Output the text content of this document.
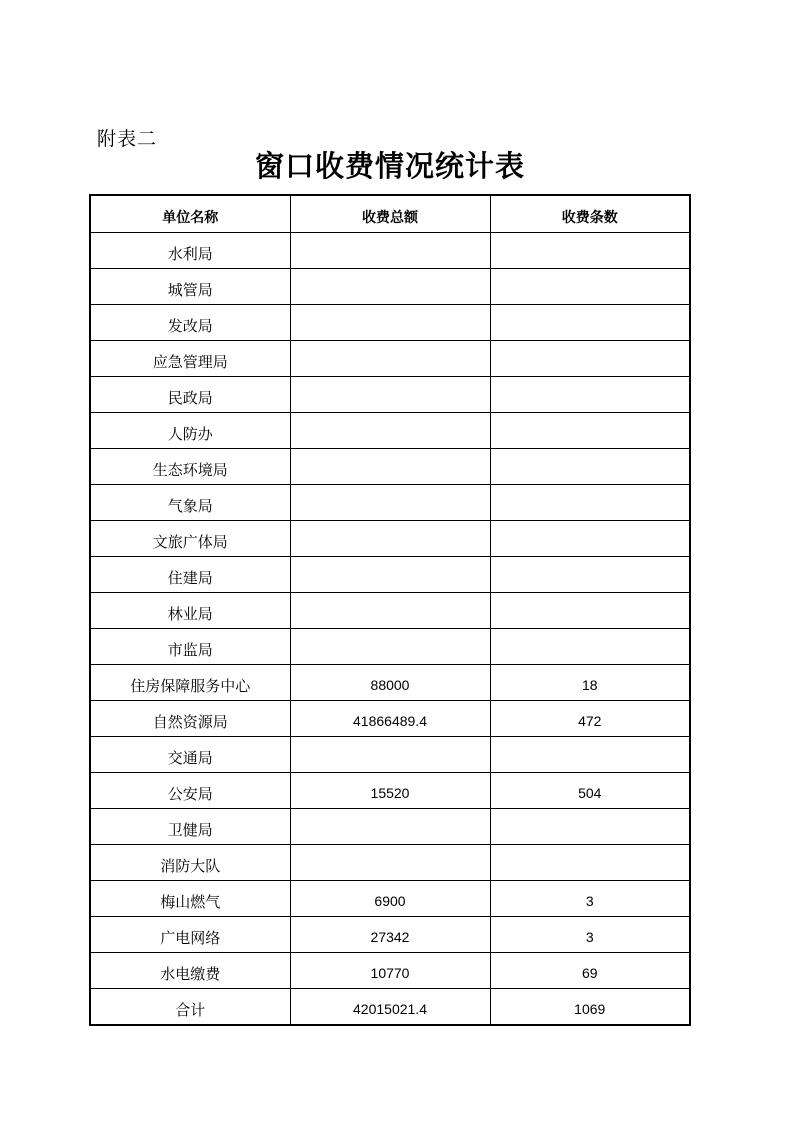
附表二
窗口收费情况统计表
单位名称	收费总额	收费条数
水利局		
城管局		
发改局		
应急管理局		
民政局		
人防办		
生态环境局		
气象局		
文旅广体局		
住建局		
林业局		
市监局		
住房保障服务中心	88000	18
自然资源局	41866489.4	472
交通局		
公安局	15520	504
卫健局		
消防大队		
梅山燃气	6900	3
广电网络	27342	3
水电缴费	10770	69
合计	42015021.4	1069
